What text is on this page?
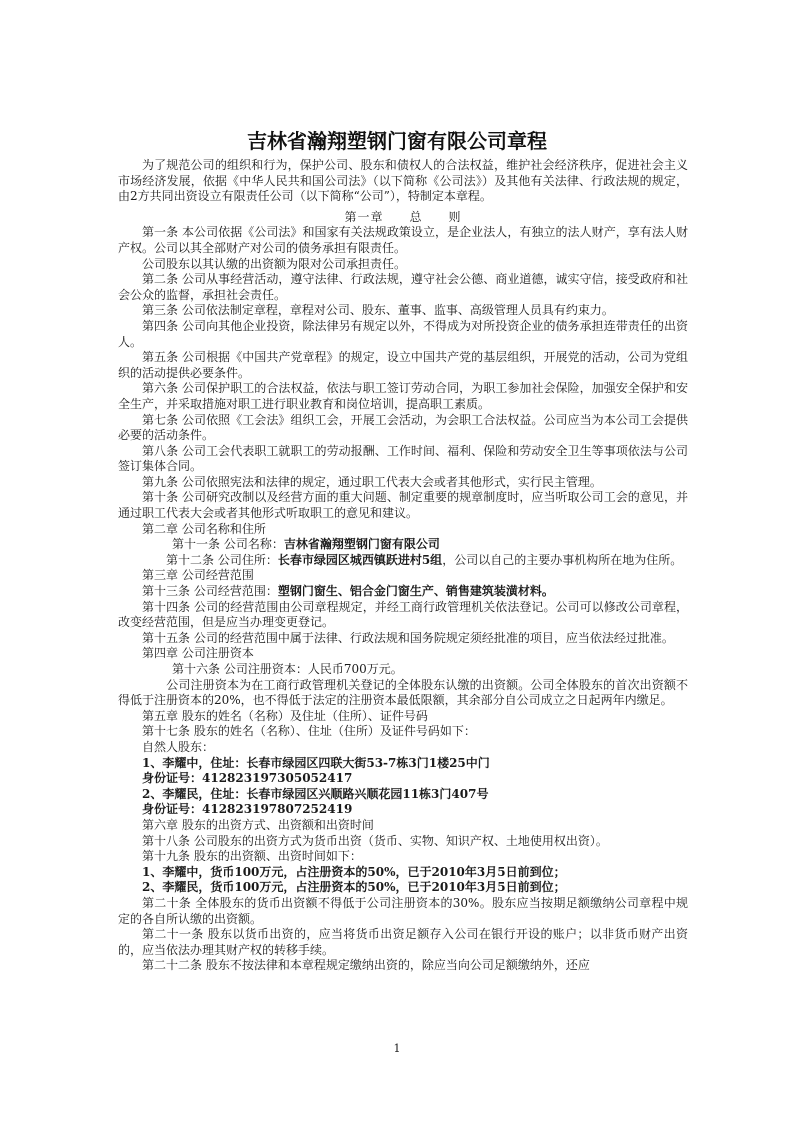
吉林省瀚翔塑钢门窗有限公司章程

为了规范公司的组织和行为，保护公司、股东和债权人的合法权益，维护社会经济秩序，促进社会主义市场经济发展，依据《中华人民共和国公司法》（以下简称《公司法》）及其他有关法律、行政法规的规定，由2方共同出资设立有限责任公司（以下简称“公司”），特制定本章程。

第一章　　总　　则

第一条 本公司依据《公司法》和国家有关法规政策设立，是企业法人，有独立的法人财产，享有法人财产权。公司以其全部财产对公司的债务承担有限责任。

公司股东以其认缴的出资额为限对公司承担责任。

第二条 公司从事经营活动，遵守法律、行政法规，遵守社会公德、商业道德，诚实守信，接受政府和社会公众的监督，承担社会责任。

第三条 公司依法制定章程，章程对公司、股东、董事、监事、高级管理人员具有约束力。

第四条 公司向其他企业投资，除法律另有规定以外，不得成为对所投资企业的债务承担连带责任的出资人。

第五条 公司根据《中国共产党章程》的规定，设立中国共产党的基层组织，开展党的活动，公司为党组织的活动提供必要条件。

第六条 公司保护职工的合法权益，依法与职工签订劳动合同，为职工参加社会保险，加强安全保护和安全生产，并采取措施对职工进行职业教育和岗位培训，提高职工素质。

第七条 公司依照《工会法》组织工会，开展工会活动，为会职工合法权益。公司应当为本公司工会提供必要的活动条件。

第八条 公司工会代表职工就职工的劳动报酬、工作时间、福利、保险和劳动安全卫生等事项依法与公司签订集体合同。

第九条 公司依照宪法和法律的规定，通过职工代表大会或者其他形式，实行民主管理。

第十条 公司研究改制以及经营方面的重大问题、制定重要的规章制度时，应当听取公司工会的意见，并通过职工代表大会或者其他形式听取职工的意见和建议。

第二章 公司名称和住所

第十一条 公司名称：吉林省瀚翔塑钢门窗有限公司

　　第十二条 公司住所：长春市绿园区城西镇跃进村5组，公司以自己的主要办事机构所在地为住所。

第三章 公司经营范围

第十三条 公司经营范围：塑钢门窗生、铝合金门窗生产、销售建筑装潢材料。

第十四条 公司的经营范围由公司章程规定，并经工商行政管理机关依法登记。公司可以修改公司章程，改变经营范围，但是应当办理变更登记。

第十五条 公司的经营范围中属于法律、行政法规和国务院规定须经批准的项目，应当依法经过批准。

第四章 公司注册资本

第十六条 公司注册资本：人民币700万元。

　　公司注册资本为在工商行政管理机关登记的全体股东认缴的出资额。公司全体股东的首次出资额不得低于注册资本的20%，也不得低于法定的注册资本最低限额，其余部分自公司成立之日起两年内缴足。

第五章 股东的姓名（名称）及住址（住所）、证件号码

第十七条 股东的姓名（名称）、住址（住所）及证件号码如下：

自然人股东：

1、李耀中，住址：长春市绿园区四联大街53-7栋3门1楼25中门

身份证号：412823197305052417

2、李耀民，住址：长春市绿园区兴顺路兴顺花园11栋3门407号

身份证号：412823197807252419

第六章 股东的出资方式、出资额和出资时间

第十八条 公司股东的出资方式为货币出资（货币、实物、知识产权、土地使用权出资）。

第十九条 股东的出资额、出资时间如下：

1、李耀中，货币100万元，占注册资本的50%，已于2010年3月5日前到位；

2、李耀民，货币100万元，占注册资本的50%，已于2010年3月5日前到位；

第二十条 全体股东的货币出资额不得低于公司注册资本的30%。股东应当按期足额缴纳公司章程中规定的各自所认缴的出资额。

第二十一条 股东以货币出资的，应当将货币出资足额存入公司在银行开设的账户；以非货币财产出资的，应当依法办理其财产权的转移手续。

第二十二条 股东不按法律和本章程规定缴纳出资的，除应当向公司足额缴纳外，还应

1
